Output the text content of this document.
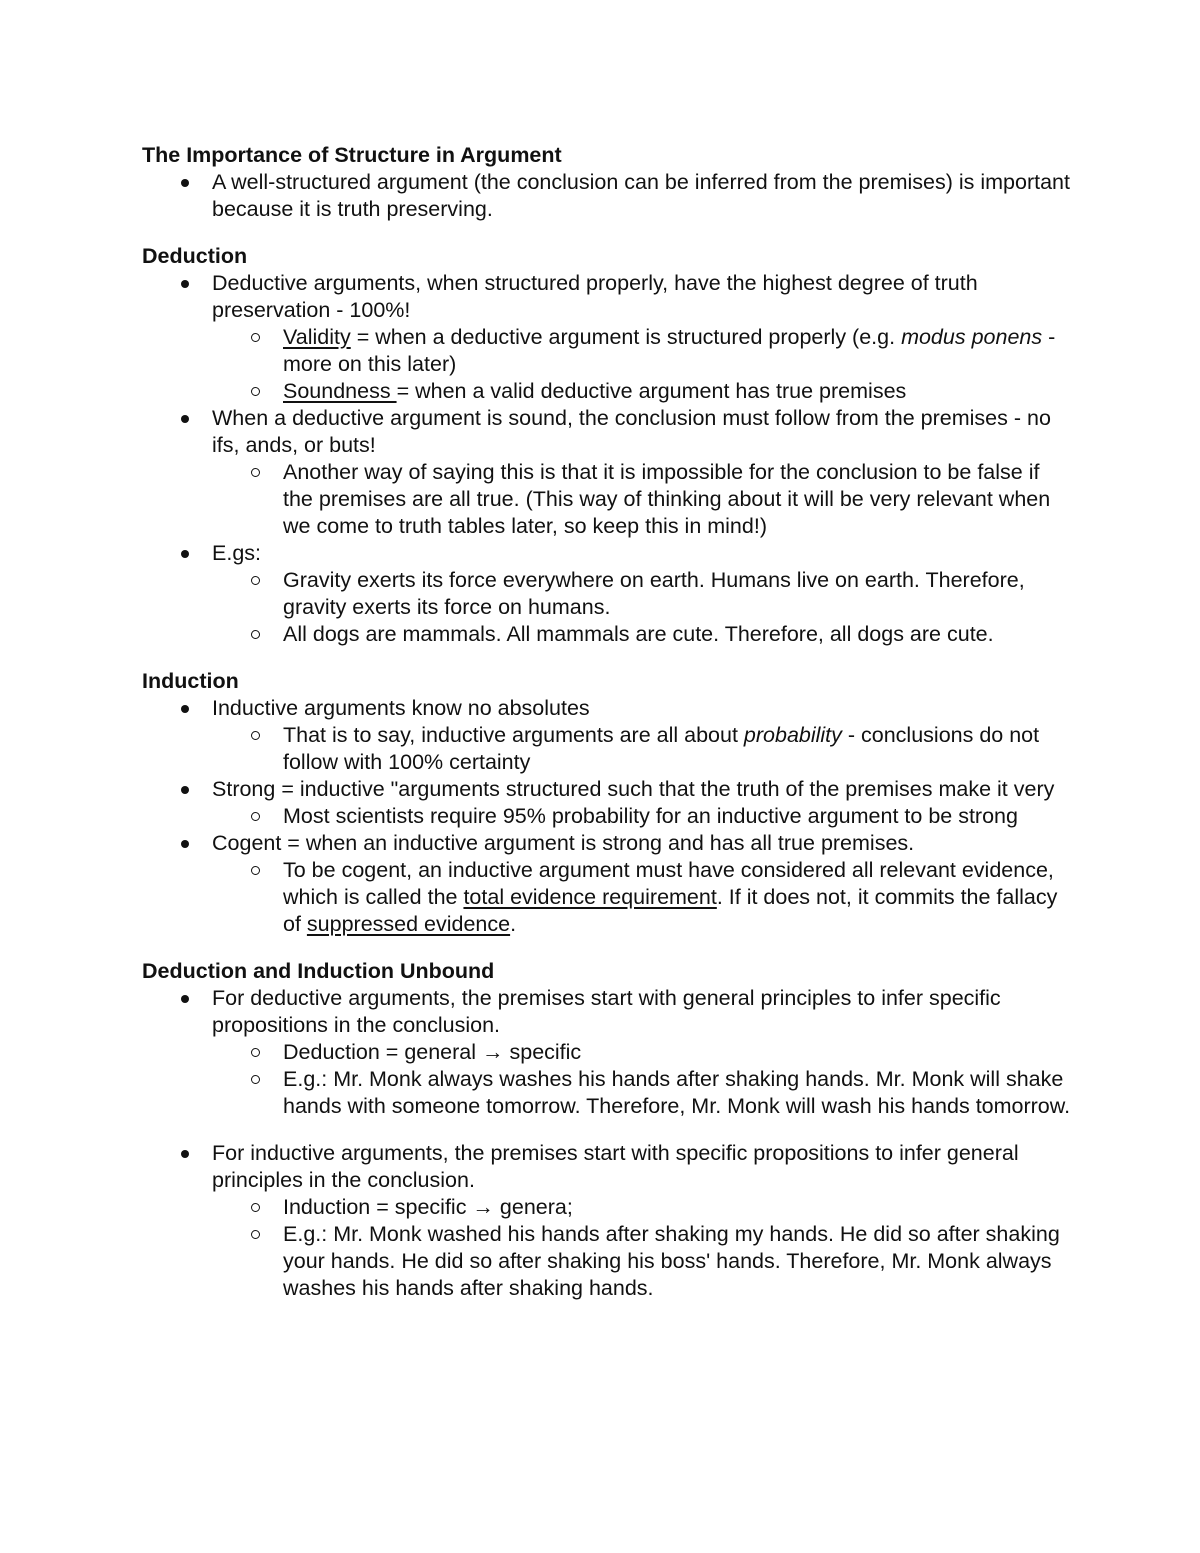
The Importance of Structure in Argument
A well-structured argument (the conclusion can be inferred from the premises) is important because it is truth preserving.
Deduction
Deductive arguments, when structured properly, have the highest degree of truth preservation - 100%!
Validity = when a deductive argument is structured properly (e.g. modus ponens - more on this later)
Soundness = when a valid deductive argument has true premises
When a deductive argument is sound, the conclusion must follow from the premises - no ifs, ands, or buts!
Another way of saying this is that it is impossible for the conclusion to be false if the premises are all true. (This way of thinking about it will be very relevant when we come to truth tables later, so keep this in mind!)
E.gs:
Gravity exerts its force everywhere on earth. Humans live on earth. Therefore, gravity exerts its force on humans.
All dogs are mammals. All mammals are cute. Therefore, all dogs are cute.
Induction
Inductive arguments know no absolutes
That is to say, inductive arguments are all about probability - conclusions do not follow with 100% certainty
Strong = inductive "arguments structured such that the truth of the premises make it very
Most scientists require 95% probability for an inductive argument to be strong
Cogent = when an inductive argument is strong and has all true premises.
To be cogent, an inductive argument must have considered all relevant evidence, which is called the total evidence requirement. If it does not, it commits the fallacy of suppressed evidence.
Deduction and Induction Unbound
For deductive arguments, the premises start with general principles to infer specific propositions in the conclusion.
Deduction = general → specific
E.g.: Mr. Monk always washes his hands after shaking hands. Mr. Monk will shake hands with someone tomorrow. Therefore, Mr. Monk will wash his hands tomorrow.
For inductive arguments, the premises start with specific propositions to infer general principles in the conclusion.
Induction = specific → genera;
E.g.: Mr. Monk washed his hands after shaking my hands. He did so after shaking your hands. He did so after shaking his boss' hands. Therefore, Mr. Monk always washes his hands after shaking hands.
